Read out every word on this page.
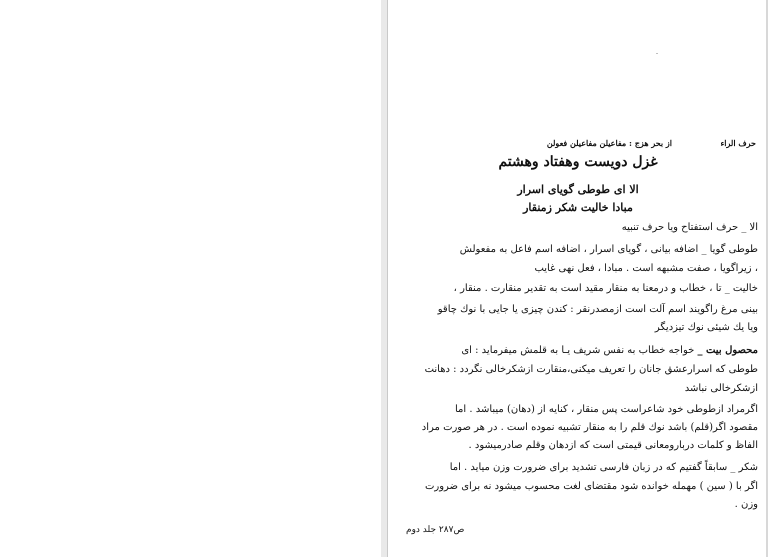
-
حرف الراء
از بحر هزج : مفاعیلن مفاعیلن فعولن
غزل دویست وهفتاد وهشتم
الا ای طوطی گویای اسرار
مبادا خالیت شکر زمنقار
الا _ حرف استفتاح ویا حرف تنبیه
طوطی گویا _ اضافه بیانی ، گویای اسرار ، اضافه اسم فاعل به مفعولش
، زیراگویا ، صفت مشبهه است . مبادا ، فعل نهی غایب
خالیت _ تا ، خطاب و درمعنا به منقار مقید است به تقدیر منقارت . منقار ،
بینی مرغ راگویند اسم آلت است ازمصدرنقر : کندن چیزی یا جایی با نوك چاقو
ویا یك شیئی نوك تیزدیگر
محصول بیت _ خواجه خطاب به نفس شریف یـا به قلمش میفرماید : ای
طوطی که اسرارعشق جانان را تعریف میکنی،منقارت ازشکرخالی نگردد : دهانت
ازشکرخالی نباشد
اگرمراد ازطوطی خود شاعراست پس منقار ، کنایه از (دهان) میباشد . اما
مقصود اگر(قلم) باشد نوك قلم را به منقار تشبیه نموده است . در هر صورت مراد
الفاظ و کلمات دربارومعانی قیمتی است که ازدهان وقلم صادرمیشود .
شکر _ سابقاً گفتیم که در زبان فارسی تشدید برای ضرورت وزن میاید . اما
اگر با ( سین ) مهمله خوانده شود مقتضای لغت محسوب میشود نه برای ضرورت
وزن .
ص۲۸۷ جلد دوم
